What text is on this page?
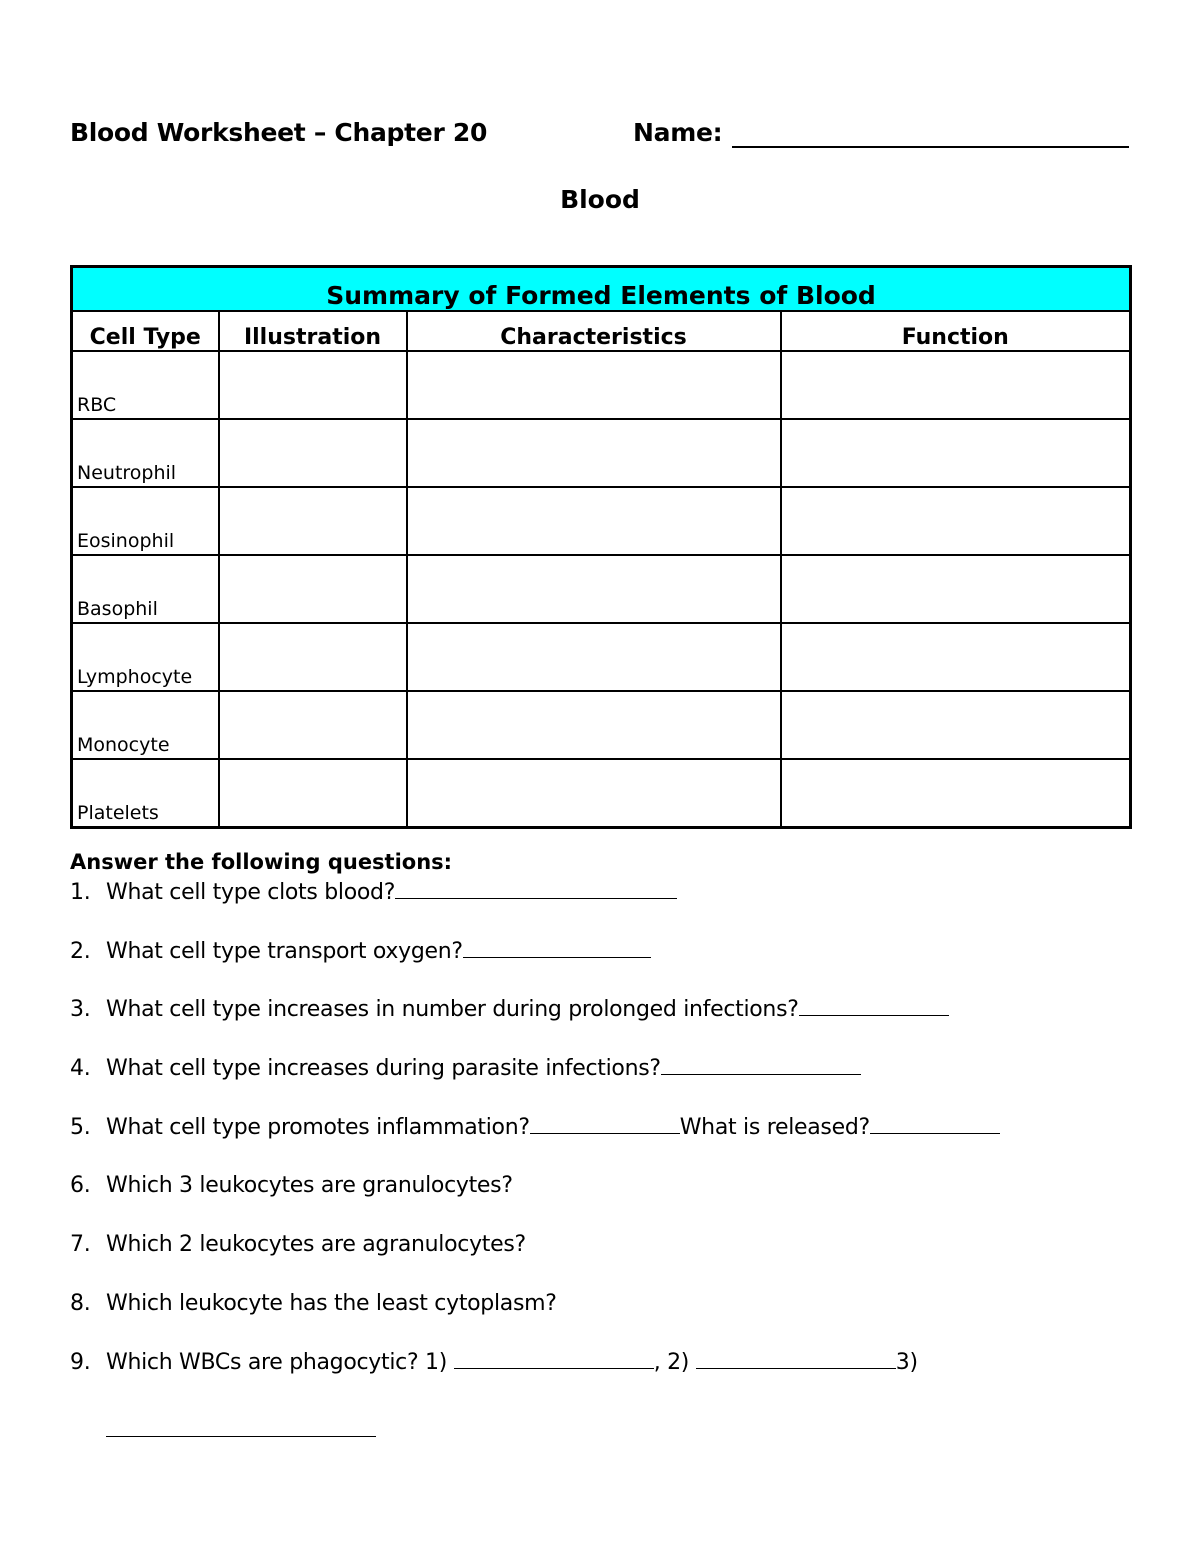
Blood Worksheet – Chapter 20	Name:
Blood
Summary of Formed Elements of Blood			
Cell Type	Illustration	Characteristics	Function
RBC			
Neutrophil			
Eosinophil			
Basophil			
Lymphocyte			
Monocyte			
Platelets			
Answer the following questions:
1. What cell type clots blood?
2. What cell type transport oxygen?
3. What cell type increases in number during prolonged infections?
4. What cell type increases during parasite infections?
5. What cell type promotes inflammation?	What is released?
6. Which 3 leukocytes are granulocytes?
7. Which 2 leukocytes are agranulocytes?
8. Which leukocyte has the least cytoplasm?
9. Which WBCs are phagocytic? 1)	, 2)	3)
